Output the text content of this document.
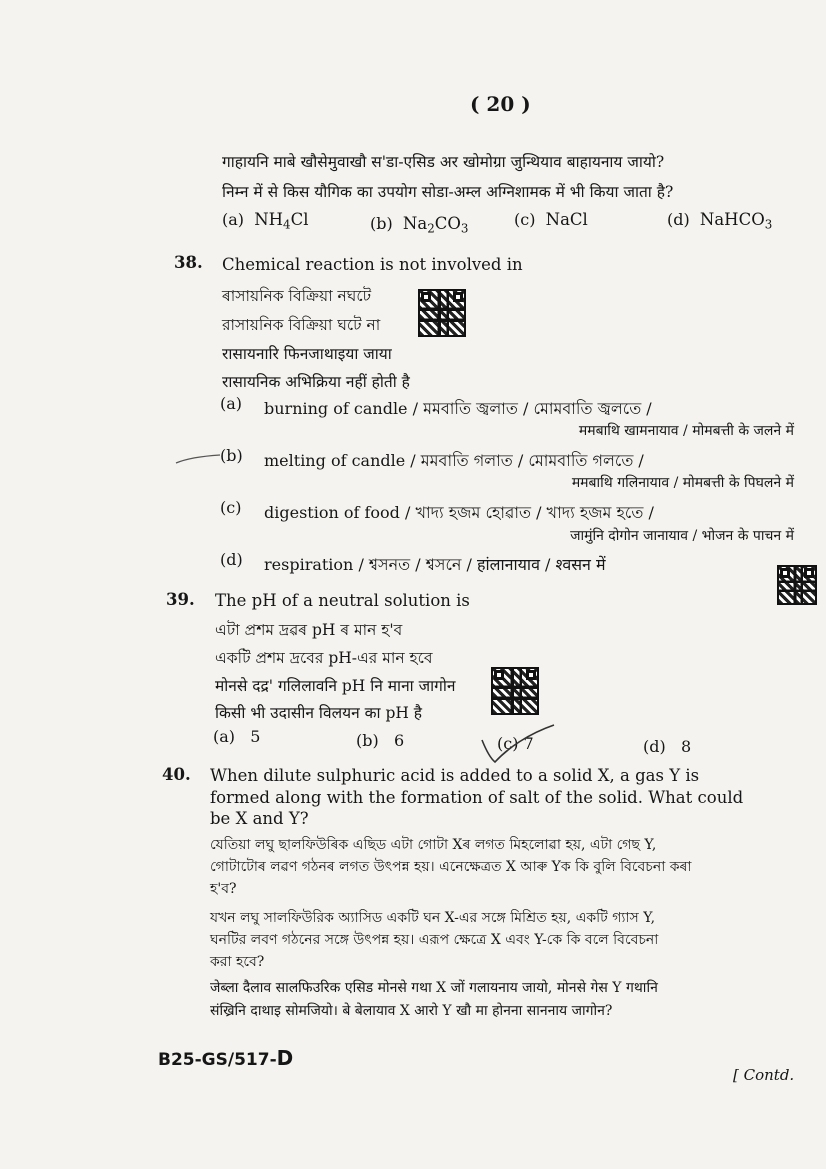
( 20 )
गाहायनि माबे खौसेमुवाखौ स'डा-एसिड अर खोमोग्रा जुन्थियाव बाहायनाय जायो?
निम्न में से किस यौगिक का उपयोग सोडा-अम्ल अग्निशामक में भी किया जाता है?
(a) $NH_4Cl$	(b) $Na_2CO_3$	(c) NaCl	(d) NaHCO$_3$
38. Chemical reaction is not involved in
ৰাসায়নিক বিক্ৰিয়া নঘটে
রাসায়নিক বিক্রিয়া ঘটে না
रासायनारि फिनजाथाइया जाया
रासायनिक अभिक्रिया नहीं होती है
(a) burning of candle / মমবাতি জ্বলাত / মোমবাতি জ্বলতে /
ममबाथि खामनायाव / मोमबत्ती के जलने में
(b) melting of candle / মমবাতি গলাত / মোমবাতি গলতে /
ममबाथि गलिनायाव / मोमबत्ती के पिघलने में
(c) digestion of food / খাদ্য হজম হোৱাত / খাদ্য হজম হতে /
जामुंनि दोगोन जानायाव / भोजन के पाचन में
(d) respiration / শ্বসনত / শ্বসনে / हांलानायाव / श्वसन में
39. The pH of a neutral solution is
এটা প্ৰশম দ্ৰৱৰ pH ৰ মান হ'ব
একটি প্রশম দ্রবের pH-এর মান হবে
मोनसे दद्र' गलिलावनि pH नि माना जागोन
किसी भी उदासीन विलयन का pH है
(a) 5	(b) 6	(c) 7	(d) 8
40. When dilute sulphuric acid is added to a solid X, a gas Y is
formed along with the formation of salt of the solid. What could
be X and Y?
যেতিয়া লঘু ছালফিউৰিক এছিড এটা গোটা Xৰ লগত মিহলোৱা হয়, এটা গেছ Y,
গোটাটোৰ লৱণ গঠনৰ লগত উৎপন্ন হয়। এনেক্ষেত্ৰত X আৰু Yক কি বুলি বিবেচনা কৰা
হ'ব?
যখন লঘু সালফিউরিক অ্যাসিড একটি ঘন X-এর সঙ্গে মিশ্রিত হয়, একটি গ্যাস Y,
ঘনটির লবণ গঠনের সঙ্গে উৎপন্ন হয়। এরূপ ক্ষেত্রে X এবং Y-কে কি বলে বিবেচনা
করা হবে?
जेब्ला दैलाव सालफिउरिक एसिड मोनसे गथा X जों गलायनाय जायो, मोनसे गेस Y गथानि
संख्रिनि दाथाइ सोमजियो। बे बेलायाव X आरो Y खौ मा होनना साननाय जागोन?
B25-GS/517-D
[ Contd.
